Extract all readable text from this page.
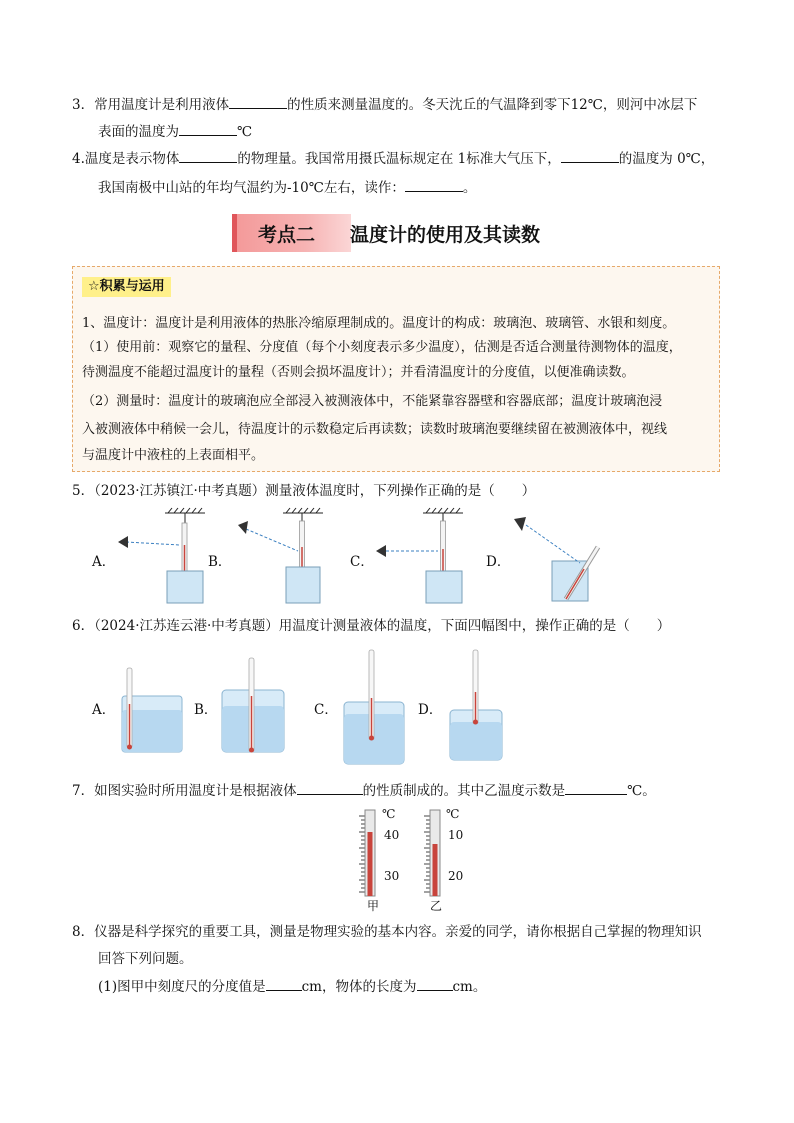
3．常用温度计是利用液体	的性质来测量温度的。冬天沈丘的气温降到零下12℃，则河中冰层下
表面的温度为	℃
4.温度是表示物体	的物理量。我国常用摄氏温标规定在 1标准大气压下，	的温度为 0℃，
我国南极中山站的年均气温约为-10℃左右，读作：	。
考点二 温度计的使用及其读数
☆积累与运用
1、温度计：温度计是利用液体的热胀冷缩原理制成的。温度计的构成：玻璃泡、玻璃管、水银和刻度。
（1）使用前：观察它的量程、分度值（每个小刻度表示多少温度），估测是否适合测量待测物体的温度，
待测温度不能超过温度计的量程（否则会损坏温度计）；并看清温度计的分度值，以便准确读数。
（2）测量时：温度计的玻璃泡应全部浸入被测液体中，不能紧靠容器壁和容器底部；温度计玻璃泡浸
入被测液体中稍候一会儿，待温度计的示数稳定后再读数；读数时玻璃泡要继续留在被测液体中，视线
与温度计中液柱的上表面相平。
5．（2023·江苏镇江·中考真题）测量液体温度时，下列操作正确的是（　　）
A．	B．	C．	D．
6．（2024·江苏连云港·中考真题）用温度计测量液体的温度，下面四幅图中，操作正确的是（　　）
A．	B．	C．	D．
7．如图实验时所用温度计是根据液体	的性质制成的。其中乙温度示数是	℃。
℃
40
30
甲
℃
10
20
乙
8．仪器是科学探究的重要工具，测量是物理实验的基本内容。亲爱的同学，请你根据自己掌握的物理知识
回答下列问题。
(1)图甲中刻度尺的分度值是	cm，物体的长度为	cm。
